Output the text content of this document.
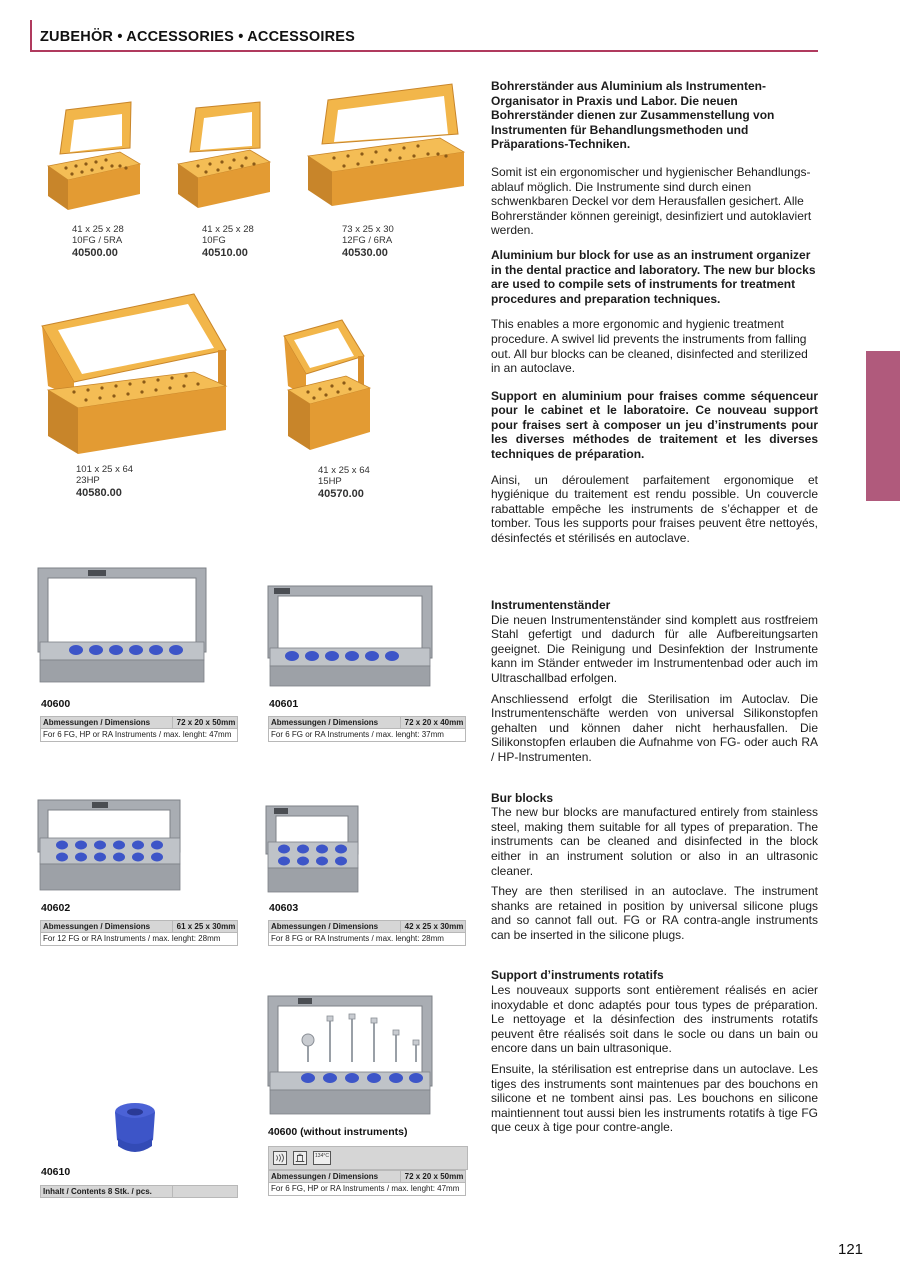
ZUBEHÖR • ACCESSORIES • ACCESSOIRES
41 x 25 x 28
10FG / 5RA
40500.00
41 x 25 x 28
10FG
40510.00
73 x 25 x 30
12FG / 6RA
40530.00
101 x 25 x 64
23HP
40580.00
41 x 25 x 64
15HP
40570.00
40600	40601
Abmessungen / Dimensions	72 x 20 x 50mm
For 6 FG, HP or RA Instruments / max. lenght: 47mm
Abmessungen / Dimensions	72 x 20 x 40mm
For 6 FG or RA Instruments / max. lenght: 37mm
40602	40603
Abmessungen / Dimensions	61 x 25 x 30mm
For 12 FG or RA Instruments / max. lenght: 28mm
Abmessungen / Dimensions	42 x 25 x 30mm
For 8 FG or RA Instruments / max. lenght: 28mm
40610
Inhalt / Contents 8 Stk. / pcs.
40600 (without instruments)
134°C
Abmessungen / Dimensions	72 x 20 x 50mm
For 6 FG, HP or RA Instruments / max. lenght: 47mm

Bohrerständer aus Aluminium als Instrumenten-Organisator in Praxis und Labor. Die neuen Bohrerständer dienen zur Zusammenstellung von Instrumenten für Behandlungsmethoden und Präparations-Techniken.

Somit ist ein ergonomischer und hygienischer Behandlungs-ablauf möglich. Die Instrumente sind durch einen schwenkbaren Deckel vor dem Herausfallen gesichert. Alle Bohrerständer können gereinigt, desinfiziert und autoklaviert werden.

Aluminium bur block for use as an instrument organizer in the dental practice and laboratory. The new bur blocks are used to compile sets of instruments for treatment procedures and preparation techniques.

This enables a more ergonomic and hygienic treatment procedure. A swivel lid prevents the instruments from falling out. All bur blocks can be cleaned, disinfected and sterilized in an autoclave.

Support en aluminium pour fraises comme séquenceur pour le cabinet et le laboratoire. Ce nouveau support pour fraises sert à composer un jeu d’instruments pour les diverses méthodes de traitement et les diverses techniques de préparation.

Ainsi, un déroulement parfaitement ergonomique et hygiénique du traitement est rendu possible. Un couvercle rabattable empêche les instruments de s’échapper et de tomber. Tous les supports pour fraises peuvent être nettoyés, désinfectés et stérilisés en autoclave.

Instrumentenständer

Die neuen Instrumentenständer sind komplett aus rostfreiem Stahl gefertigt und dadurch für alle Aufbereitungsarten geeignet. Die Reinigung und Desinfektion der Instrumente kann im Ständer entweder im Instrumentenbad oder auch im Ultraschallbad erfolgen.

Anschliessend erfolgt die Sterilisation im Autoclav. Die Instrumentenschäfte werden von universal Silikonstopfen gehalten und können daher nicht herhausfallen. Die Silikonstopfen erlauben die Aufnahme von FG- oder auch RA / HP-Instrumenten.

Bur blocks

The new bur blocks are manufactured entirely from stainless steel, making them suitable for all types of preparation. The instruments can be cleaned and disinfected in the block either in an instrument solution or also in an ultrasonic cleaner.

They are then sterilised in an autoclave. The instrument shanks are retained in position by universal silicone plugs and so cannot fall out. FG or RA contra-angle instruments can be inserted in the silicone plugs.

Support d’instruments rotatifs

Les nouveaux supports sont entièrement réalisés en acier inoxydable et donc adaptés pour tous types de préparation. Le nettoyage et la désinfection des instruments rotatifs peuvent être réalisés soit dans le socle ou dans un bain ou encore dans un bain ultrasonique.

Ensuite, la stérilisation est entreprise dans un autoclave. Les tiges des instruments sont maintenues par des bouchons en silicone et ne tombent ainsi pas. Les bouchons en silicone maintiennent tout aussi bien les instruments rotatifs à tige FG que ceux à tige pour contre-angle.

121
